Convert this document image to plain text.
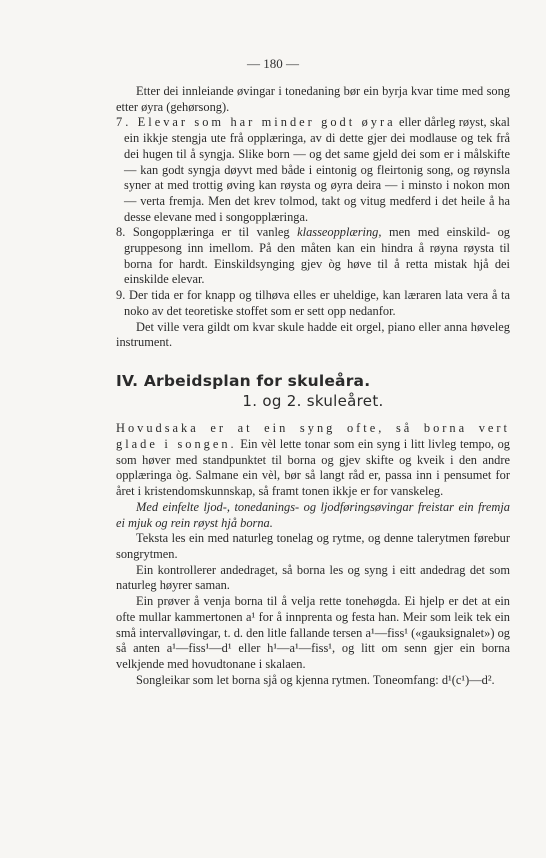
— 180 —

Etter dei innleiande øvingar i tonedaning bør ein byrja kvar time med song etter øyra (gehørsong).

7. Elevar som har minder godt øyra eller dårleg røyst, skal ein ikkje stengja ute frå opplæringa, av di dette gjer dei modlause og tek frå dei hugen til å syngja. Slike born — og det same gjeld dei som er i målskifte — kan godt syngja døyvt med både i eintonig og fleirtonig song, og røynsla syner at med trottig øving kan røysta og øyra deira — i minsto i nokon mon — verta fremja. Men det krev tolmod, takt og vitug medferd i det heile å ha desse elevane med i songopplæringa.

8. Songopplæringa er til vanleg klasseopplæring, men med einskild- og gruppesong inn imellom. På den måten kan ein hindra å røyna røysta til borna for hardt. Einskildsynging gjev òg høve til å retta mistak hjå dei einskilde elevar.

9. Der tida er for knapp og tilhøva elles er uheldige, kan læraren lata vera å ta noko av det teoretiske stoffet som er sett opp nedanfor.

Det ville vera gildt om kvar skule hadde eit orgel, piano eller anna høveleg instrument.

IV. Arbeidsplan for skuleåra.
1. og 2. skuleåret.

Hovudsaka er at ein syng ofte, så borna vert glade i songen. Ein vèl lette tonar som ein syng i litt livleg tempo, og som høver med standpunktet til borna og gjev skifte og kveik i den andre opplæringa òg. Salmane ein vèl, bør så langt råd er, passa inn i pensumet for året i kristendomskunnskap, så framt tonen ikkje er for vanskeleg.

Med einfelte ljod-, tonedanings- og ljodføringsøvingar freistar ein fremja ei mjuk og rein røyst hjå borna.

Teksta les ein med naturleg tonelag og rytme, og denne talerytmen førebur songrytmen.

Ein kontrollerer andedraget, så borna les og syng i eitt andedrag det som naturleg høyrer saman.

Ein prøver å venja borna til å velja rette tonehøgda. Ei hjelp er det at ein ofte mullar kammertonen a¹ for å innprenta og festa han. Meir som leik tek ein små intervalløvingar, t. d. den litle fallande tersen a¹—fiss¹ («gauksignalet») og så anten a¹—fiss¹—d¹ eller h¹—a¹—fiss¹, og litt om senn gjer ein borna velkjende med hovudtonane i skalaen.

Songleikar som let borna sjå og kjenna rytmen. Toneomfang: d¹(c¹)—d².
